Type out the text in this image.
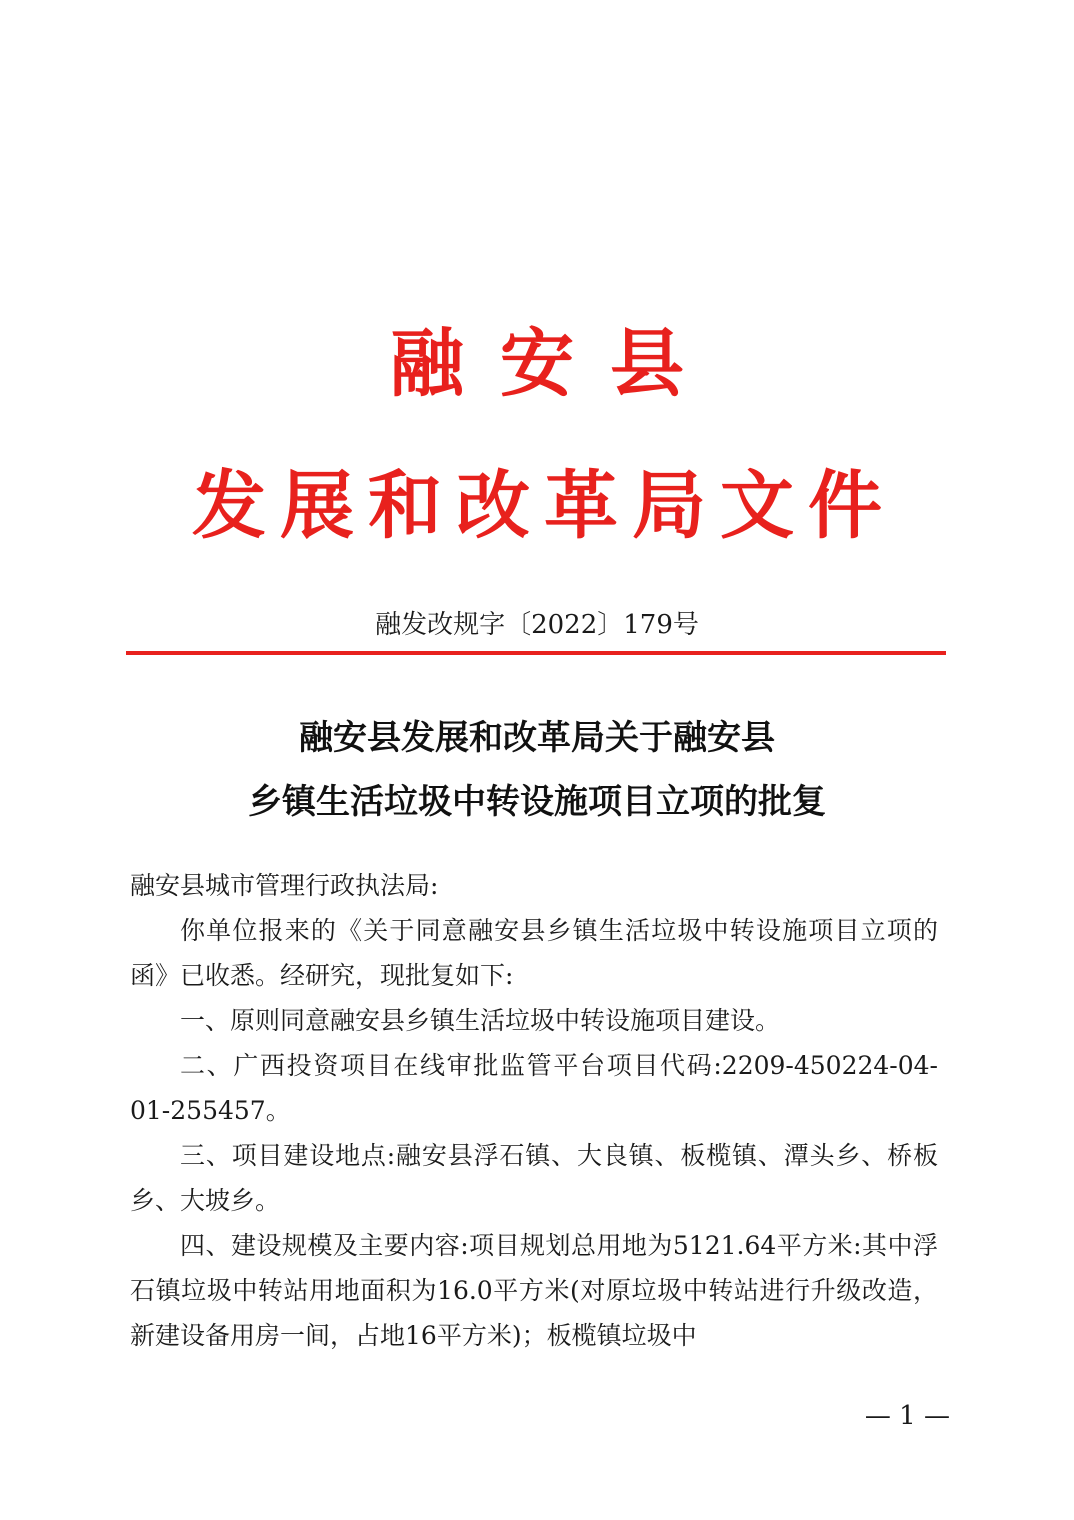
融安县
发展和改革局文件
融发改规字〔2022〕179号
融安县发展和改革局关于融安县
乡镇生活垃圾中转设施项目立项的批复

融安县城市管理行政执法局:

你单位报来的《关于同意融安县乡镇生活垃圾中转设施项目立项的函》已收悉。经研究，现批复如下:

一、原则同意融安县乡镇生活垃圾中转设施项目建设。

二、广西投资项目在线审批监管平台项目代码:2209-450224-04-01-255457。

三、项目建设地点:融安县浮石镇、大良镇、板榄镇、潭头乡、桥板乡、大坡乡。

四、建设规模及主要内容:项目规划总用地为5121.64平方米:其中浮石镇垃圾中转站用地面积为16.0平方米(对原垃圾中转站进行升级改造，新建设备用房一间，占地16平方米)；板榄镇垃圾中

— 1 —
